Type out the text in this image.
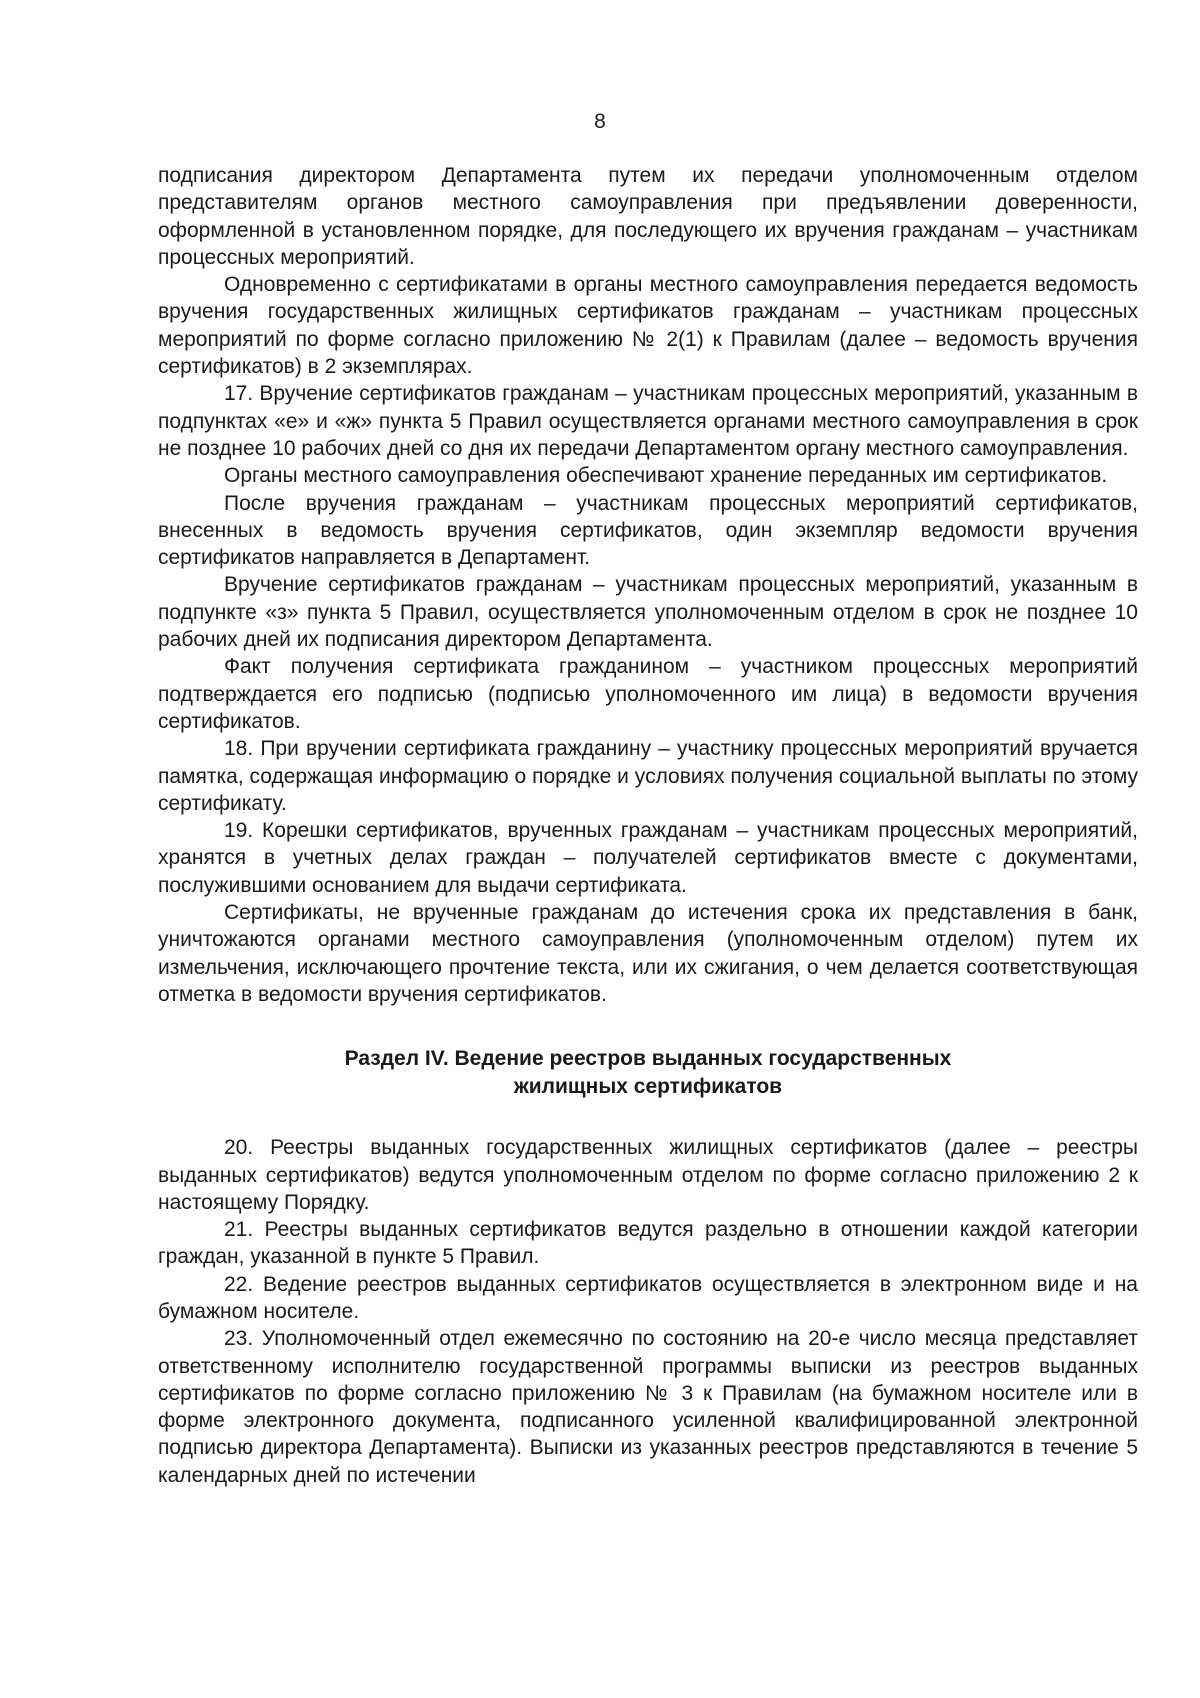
8

подписания директором Департамента путем их передачи уполномоченным отделом представителям органов местного самоуправления при предъявлении доверенности, оформленной в установленном порядке, для последующего их вручения гражданам – участникам процессных мероприятий.

Одновременно с сертификатами в органы местного самоуправления передается ведомость вручения государственных жилищных сертификатов гражданам – участникам процессных мероприятий по форме согласно приложению № 2(1) к Правилам (далее – ведомость вручения сертификатов) в 2 экземплярах.

17. Вручение сертификатов гражданам – участникам процессных мероприятий, указанным в подпунктах «е» и «ж» пункта 5 Правил осуществляется органами местного самоуправления в срок не позднее 10 рабочих дней со дня их передачи Департаментом органу местного самоуправления.

Органы местного самоуправления обеспечивают хранение переданных им сертификатов.

После вручения гражданам – участникам процессных мероприятий сертификатов, внесенных в ведомость вручения сертификатов, один экземпляр ведомости вручения сертификатов направляется в Департамент.

Вручение сертификатов гражданам – участникам процессных мероприятий, указанным в подпункте «з» пункта 5 Правил, осуществляется уполномоченным отделом в срок не позднее 10 рабочих дней их подписания директором Департамента.

Факт получения сертификата гражданином – участником процессных мероприятий подтверждается его подписью (подписью уполномоченного им лица) в ведомости вручения сертификатов.

18. При вручении сертификата гражданину – участнику процессных мероприятий вручается памятка, содержащая информацию о порядке и условиях получения социальной выплаты по этому сертификату.

19. Корешки сертификатов, врученных гражданам – участникам процессных мероприятий, хранятся в учетных делах граждан – получателей сертификатов вместе с документами, послужившими основанием для выдачи сертификата.

Сертификаты, не врученные гражданам до истечения срока их представления в банк, уничтожаются органами местного самоуправления (уполномоченным отделом) путем их измельчения, исключающего прочтение текста, или их сжигания, о чем делается соответствующая отметка в ведомости вручения сертификатов.

Раздел IV. Ведение реестров выданных государственных
жилищных сертификатов

20. Реестры выданных государственных жилищных сертификатов (далее – реестры выданных сертификатов) ведутся уполномоченным отделом по форме согласно приложению 2 к настоящему Порядку.

21. Реестры выданных сертификатов ведутся раздельно в отношении каждой категории граждан, указанной в пункте 5 Правил.

22. Ведение реестров выданных сертификатов осуществляется в электронном виде и на бумажном носителе.

23. Уполномоченный отдел ежемесячно по состоянию на 20-е число месяца представляет ответственному исполнителю государственной программы выписки из реестров выданных сертификатов по форме согласно приложению № 3 к Правилам (на бумажном носителе или в форме электронного документа, подписанного усиленной квалифицированной электронной подписью директора Департамента). Выписки из указанных реестров представляются в течение 5 календарных дней по истечении
